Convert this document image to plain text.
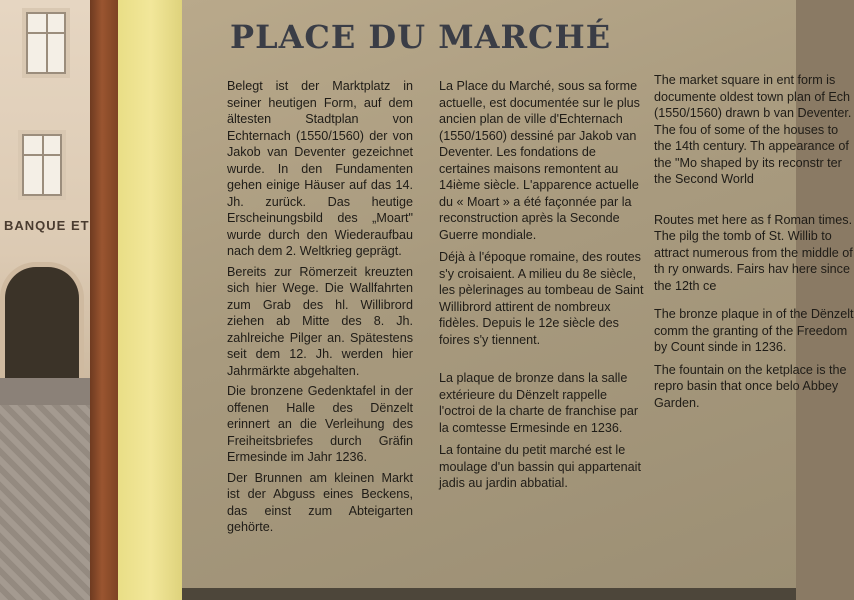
BANQUE ET
PLACE DU MARCHÉ

Belegt ist der Marktplatz in seiner heutigen Form, auf dem ältesten Stadtplan von Echternach (1550/1560) der von Jakob van Deventer gezeichnet wurde. In den Fundamenten gehen einige Häuser auf das 14. Jh. zurück. Das heutige Erscheinungsbild des „Moart" wurde durch den Wiederaufbau nach dem 2. Weltkrieg geprägt.

Bereits zur Römerzeit kreuzten sich hier Wege. Die Wallfahrten zum Grab des hl. Willibrord ziehen ab Mitte des 8. Jh. zahlreiche Pilger an. Spätestens seit dem 12. Jh. werden hier Jahrmärkte abgehalten.

Die bronzene Gedenktafel in der offenen Halle des Dënzelt erinnert an die Verleihung des Freiheitsbriefes durch Gräfin Ermesinde im Jahr 1236.

Der Brunnen am kleinen Markt ist der Abguss eines Beckens, das einst zum Abteigarten gehörte.

La Place du Marché, sous sa forme actuelle, est documentée sur le plus ancien plan de ville d'Echternach (1550/1560) dessiné par Jakob van Deventer. Les fondations de certaines maisons remontent au 14ième siècle. L'apparence actuelle du « Moart » a été façonnée par la reconstruction après la Seconde Guerre mondiale.

Déjà à l'époque romaine, des routes s'y croisaient. A milieu du 8e siècle, les pèlerinages au tombeau de Saint Willibrord attirent de nombreux fidèles. Depuis le 12e siècle des foires s'y tiennent.

La plaque de bronze dans la salle extérieure du Dënzelt rappelle l'octroi de la charte de franchise par la comtesse Ermesinde en 1236.

La fontaine du petit marché est le moulage d'un bassin qui appartenait jadis au jardin abbatial.

The market square in ent form is documente oldest town plan of Ech (1550/1560) drawn b van Deventer. The fou of some of the houses to the 14th century. Th appearance of the "Mo shaped by its reconstr ter the Second World

Routes met here as f Roman times. The pilg the tomb of St. Willib to attract numerous from the middle of th ry onwards. Fairs hav here since the 12th ce

The bronze plaque in of the Dënzelt comm the granting of the Freedom by Count sinde in 1236.

The fountain on the ketplace is the repro basin that once belo Abbey Garden.
